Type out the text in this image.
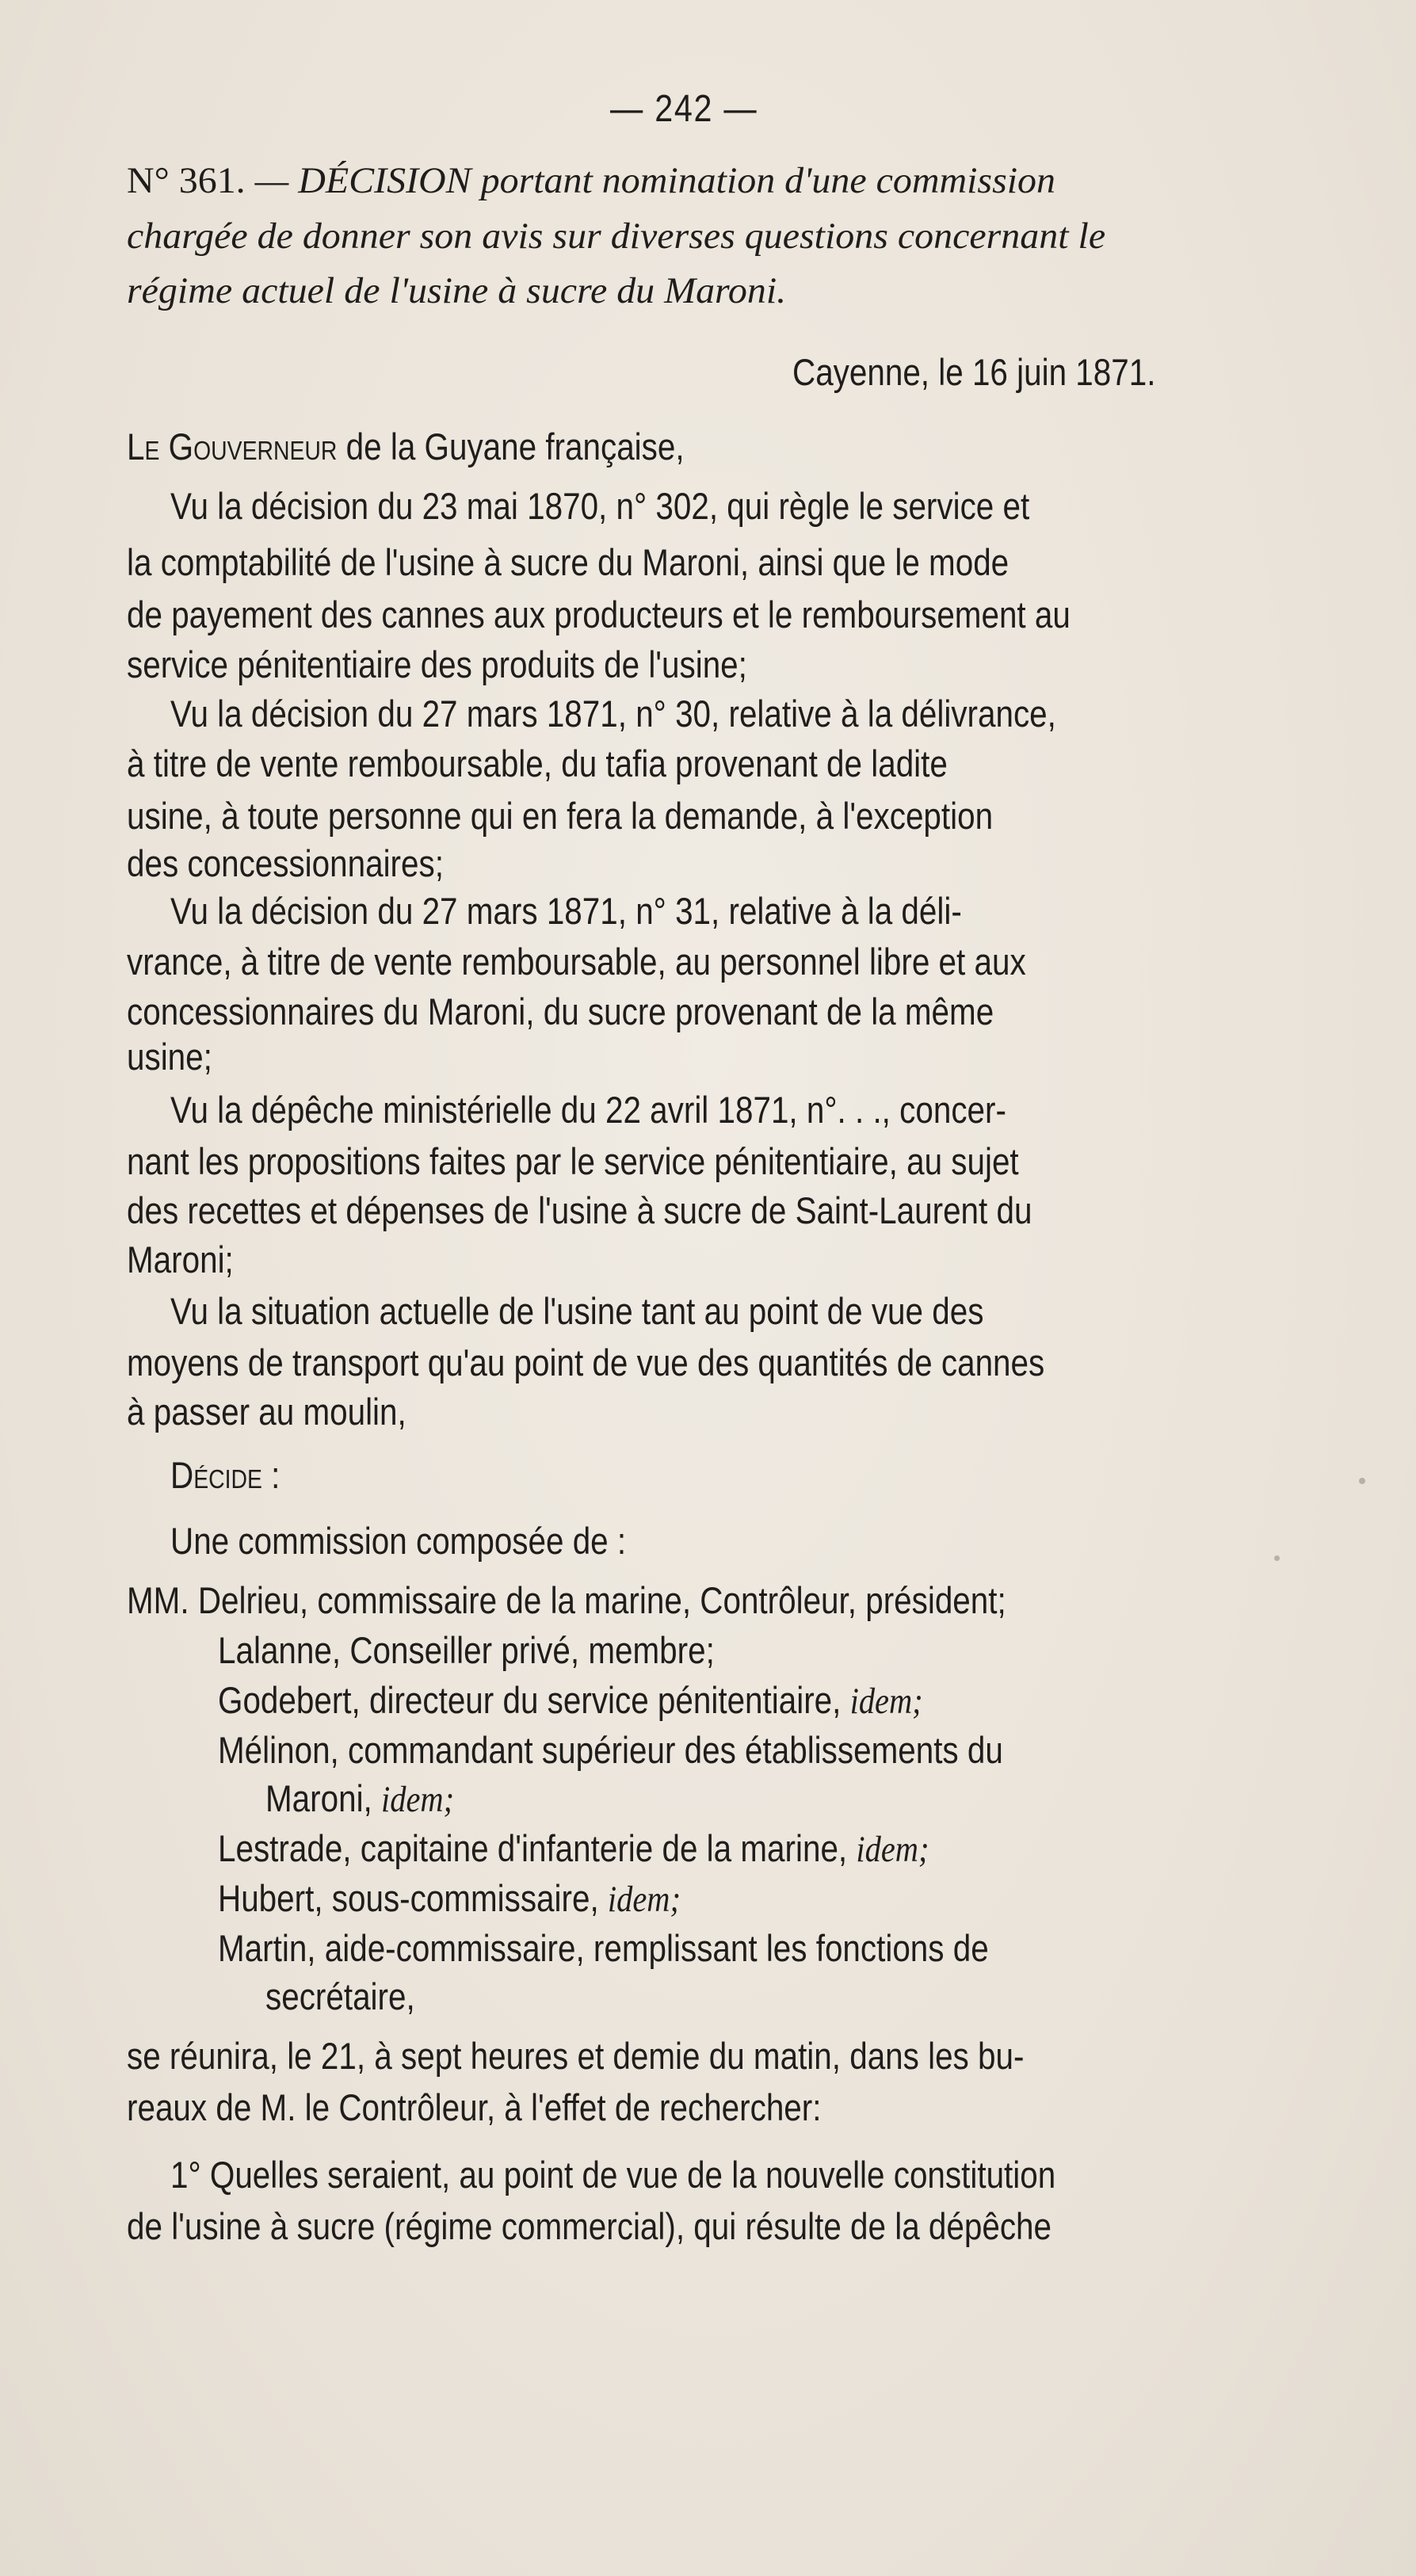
— 242 —
N° 361. — DÉCISION portant nomination d'une commission
chargée de donner son avis sur diverses questions concernant le
régime actuel de l'usine à sucre du Maroni.
Cayenne, le 16 juin 1871.
Le Gouverneur de la Guyane française,
Vu la décision du 23 mai 1870, n° 302, qui règle le service et
la comptabilité de l'usine à sucre du Maroni, ainsi que le mode
de payement des cannes aux producteurs et le remboursement au
service pénitentiaire des produits de l'usine;
Vu la décision du 27 mars 1871, n° 30, relative à la délivrance,
à titre de vente remboursable, du tafia provenant de ladite
usine, à toute personne qui en fera la demande, à l'exception
des concessionnaires;
Vu la décision du 27 mars 1871, n° 31, relative à la déli-
vrance, à titre de vente remboursable, au personnel libre et aux
concessionnaires du Maroni, du sucre provenant de la même
usine;
Vu la dépêche ministérielle du 22 avril 1871, n°. . ., concer-
nant les propositions faites par le service pénitentiaire, au sujet
des recettes et dépenses de l'usine à sucre de Saint-Laurent du
Maroni;
Vu la situation actuelle de l'usine tant au point de vue des
moyens de transport qu'au point de vue des quantités de cannes
à passer au moulin,
Décide :
Une commission composée de :
MM. Delrieu, commissaire de la marine, Contrôleur, président;
Lalanne, Conseiller privé, membre;
Godebert, directeur du service pénitentiaire, idem;
Mélinon, commandant supérieur des établissements du
Maroni, idem;
Lestrade, capitaine d'infanterie de la marine, idem;
Hubert, sous-commissaire, idem;
Martin, aide-commissaire, remplissant les fonctions de
secrétaire,
se réunira, le 21, à sept heures et demie du matin, dans les bu-
reaux de M. le Contrôleur, à l'effet de rechercher:
1° Quelles seraient, au point de vue de la nouvelle constitution
de l'usine à sucre (régime commercial), qui résulte de la dépêche
